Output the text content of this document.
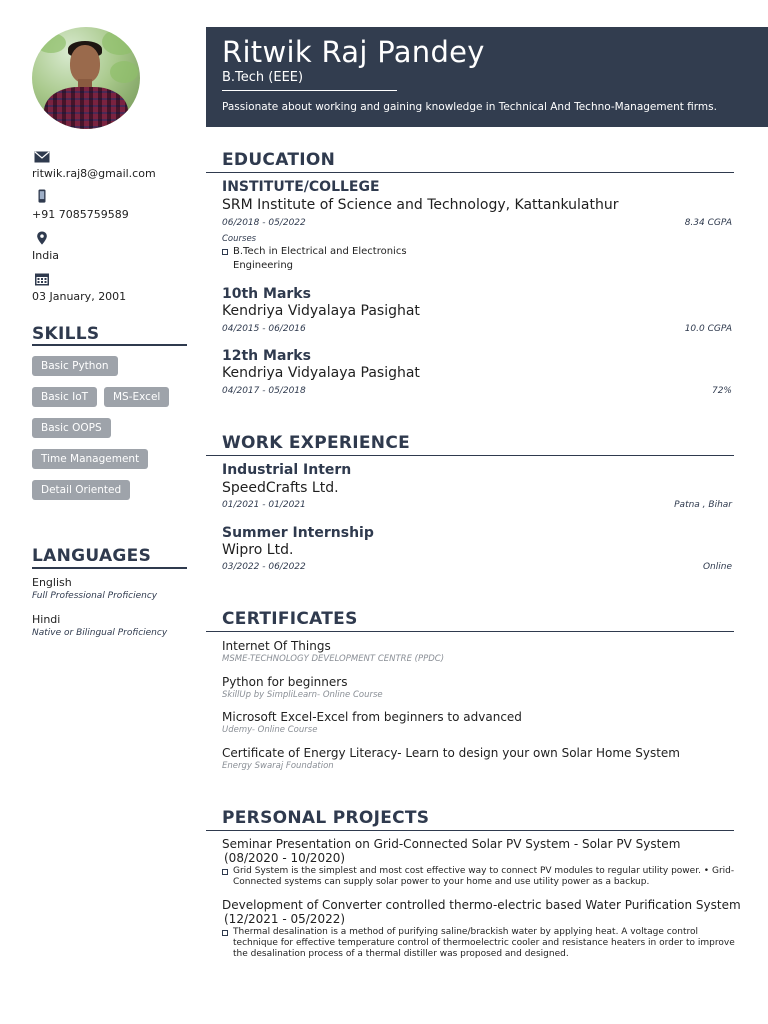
ritwik.raj8@gmail.com
+91 7085759589
India
03 January, 2001
SKILLS
Basic Python
Basic IoT	MS-Excel
Basic OOPS
Time Management
Detail Oriented
LANGUAGES
English
Full Professional Proficiency
Hindi
Native or Bilingual Proficiency
Ritwik Raj Pandey
B.Tech (EEE)
Passionate about working and gaining knowledge in Technical And Techno-Management firms.
EDUCATION
INSTITUTE/COLLEGE
SRM Institute of Science and Technology, Kattankulathur
06/2018 - 05/2022	8.34 CGPA
Courses
B.Tech in Electrical and Electronics
Engineering
10th Marks
Kendriya Vidyalaya Pasighat
04/2015 - 06/2016	10.0 CGPA
12th Marks
Kendriya Vidyalaya Pasighat
04/2017 - 05/2018	72%
WORK EXPERIENCE
Industrial Intern
SpeedCrafts Ltd.
01/2021 - 01/2021	Patna , Bihar
Summer Internship
Wipro Ltd.
03/2022 - 06/2022	Online
CERTIFICATES
Internet Of Things
MSME-TECHNOLOGY DEVELOPMENT CENTRE (PPDC)
Python for beginners
SkillUp by SimpliLearn- Online Course
Microsoft Excel-Excel from beginners to advanced
Udemy- Online Course
Certificate of Energy Literacy- Learn to design your own Solar Home System
Energy Swaraj Foundation
PERSONAL PROJECTS
Seminar Presentation on Grid-Connected Solar PV System - Solar PV System
(08/2020 - 10/2020)
Grid System is the simplest and most cost effective way to connect PV modules to regular utility power. • Grid-Connected systems can supply solar power to your home and use utility power as a backup.
Development of Converter controlled thermo-electric based Water Purification System
(12/2021 - 05/2022)
Thermal desalination is a method of purifying saline/brackish water by applying heat. A voltage control technique for effective temperature control of thermoelectric cooler and resistance heaters in order to improve the desalination process of a thermal distiller was proposed and designed.
